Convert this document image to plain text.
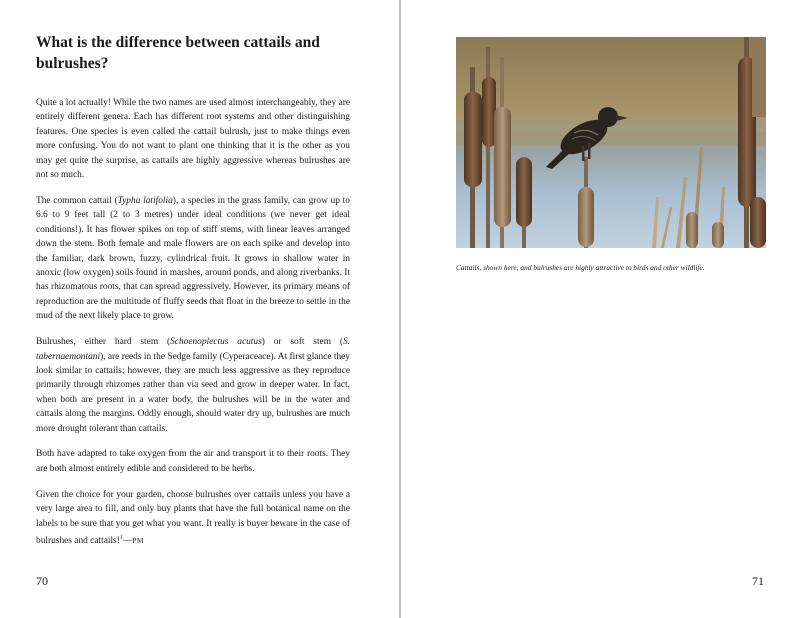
What is the difference between cattails and bulrushes?

Quite a lot actually! While the two names are used almost interchangeably, they are entirely different genera. Each has different root systems and other distinguishing features. One species is even called the cattail bulrush, just to make things even more confusing. You do not want to plant one thinking that it is the other as you may get quite the surprise, as cattails are highly aggressive whereas bulrushes are not so much.

The common cattail (Typha latifolia), a species in the grass family, can grow up to 6.6 to 9 feet tall (2 to 3 metres) under ideal conditions (we never get ideal conditions!). It has flower spikes on top of stiff stems, with linear leaves arranged down the stem. Both female and male flowers are on each spike and develop into the familiar, dark brown, fuzzy, cylindrical fruit. It grows in shallow water in anoxic (low oxygen) soils found in marshes, around ponds, and along riverbanks. It has rhizomatous roots, that can spread aggressively. However, its primary means of reproduction are the multitude of fluffy seeds that float in the breeze to settle in the mud of the next likely place to grow.

Bulrushes, either hard stem (Schoenoplectus acutus) or soft stem (S. tabernaemontani), are reeds in the Sedge family (Cyperaceace). At first glance they look similar to cattails; however, they are much less aggressive as they reproduce primarily through rhizomes rather than via seed and grow in deeper water. In fact, when both are present in a water body, the bulrushes will be in the water and cattails along the margins. Oddly enough, should water dry up, bulrushes are much more drought tolerant than cattails.

Both have adapted to take oxygen from the air and transport it to their roots. They are both almost entirely edible and considered to be herbs.

Given the choice for your garden, choose bulrushes over cattails unless you have a very large area to fill, and only buy plants that have the full botanical name on the labels to be sure that you get what you want. It really is buyer beware in the case of bulrushes and cattails!$^1$—PM

70

Cattails, shown here, and bulrushes are highly attractive to birds and other wildlife.

71
